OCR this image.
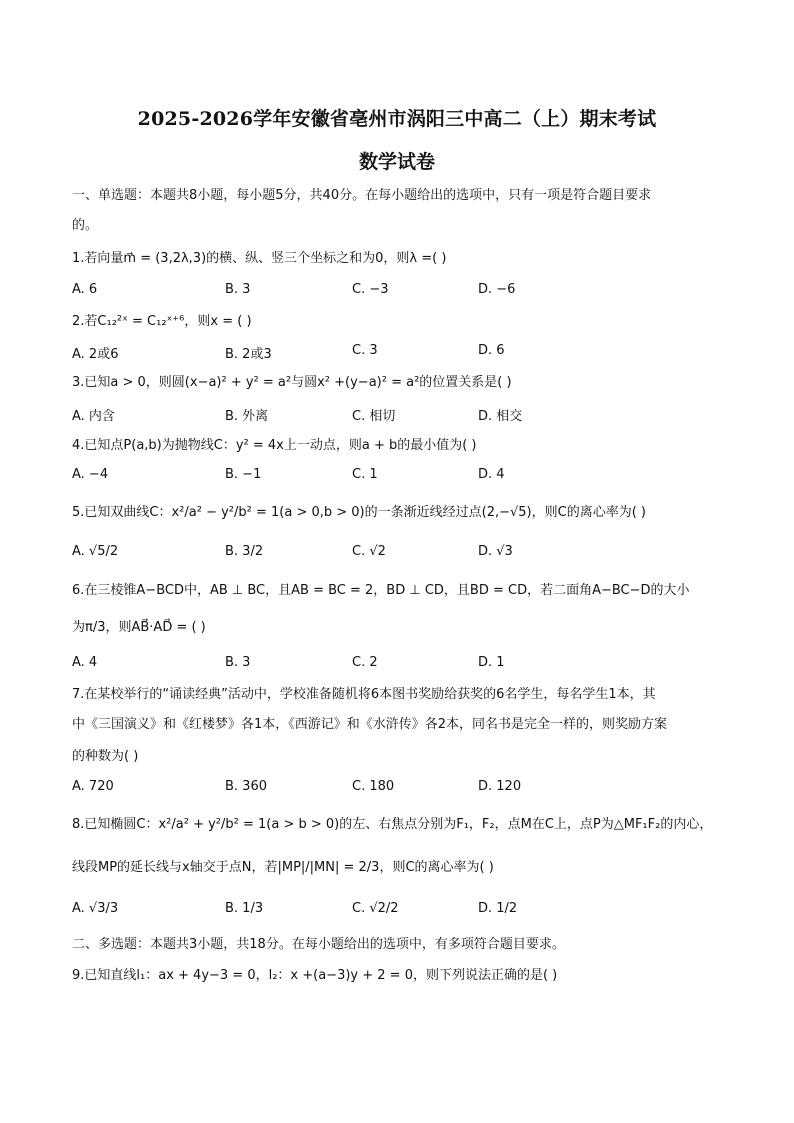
2025-2026学年安徽省亳州市涡阳三中高二（上）期末考试
数学试卷
一、单选题：本题共8小题，每小题5分，共40分。在每小题给出的选项中，只有一项是符合题目要求
的。
1.若向量m⃗ = (3,2λ,3)的横、纵、竖三个坐标之和为0，则λ =( )
A. 6	B. 3	C. −3	D. −6
2.若C₁₂²ˣ = C₁₂ˣ⁺⁶，则x = ( )
A. 2或6	B. 2或3	C. 3	D. 6
3.已知a > 0，则圆(x−a)² + y² = a²与圆x² +(y−a)² = a²的位置关系是( )
A. 内含	B. 外离	C. 相切	D. 相交
4.已知点P(a,b)为抛物线C：y² = 4x上一动点，则a + b的最小值为( )
A. −4	B. −1	C. 1	D. 4
5.已知双曲线C：x²/a² − y²/b² = 1(a > 0,b > 0)的一条渐近线经过点(2,−√5)，则C的离心率为( )
A. √5/2	B. 3/2	C. √2	D. √3
6.在三棱锥A−BCD中，AB ⊥ BC，且AB = BC = 2，BD ⊥ CD，且BD = CD，若二面角A−BC−D的大小
为π/3，则AB⃗·AD⃗ = ( )
A. 4	B. 3	C. 2	D. 1
7.在某校举行的“诵读经典”活动中，学校准备随机将6本图书奖励给获奖的6名学生，每名学生1本，其
中《三国演义》和《红楼梦》各1本，《西游记》和《水浒传》各2本，同名书是完全一样的，则奖励方案
的种数为( )
A. 720	B. 360	C. 180	D. 120
8.已知椭圆C：x²/a² + y²/b² = 1(a > b > 0)的左、右焦点分别为F₁，F₂，点M在C上，点P为△MF₁F₂的内心，
线段MP的延长线与x轴交于点N，若|MP|/|MN| = 2/3，则C的离心率为( )
A. √3/3	B. 1/3	C. √2/2	D. 1/2
二、多选题：本题共3小题，共18分。在每小题给出的选项中，有多项符合题目要求。
9.已知直线l₁：ax + 4y−3 = 0，l₂：x +(a−3)y + 2 = 0，则下列说法正确的是( )
